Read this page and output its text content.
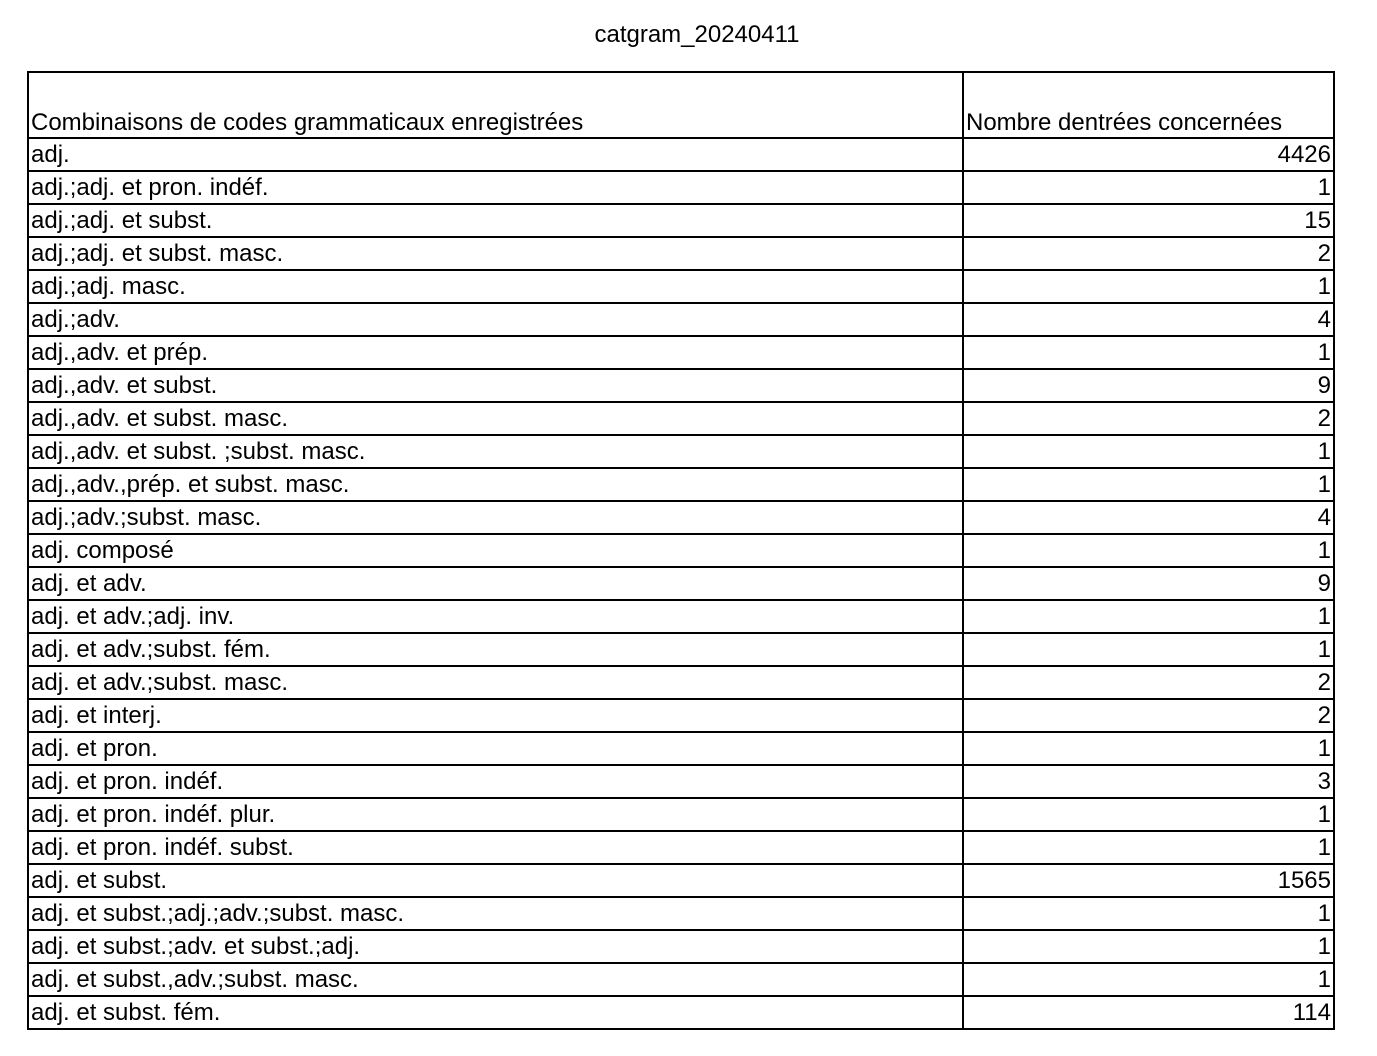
catgram_20240411
Combinaisons de codes grammaticaux enregistrées	Nombre dentrées concernées
adj.	4426
adj.;adj. et pron. indéf.	1
adj.;adj. et subst.	15
adj.;adj. et subst. masc.	2
adj.;adj. masc.	1
adj.;adv.	4
adj.,adv. et prép.	1
adj.,adv. et subst.	9
adj.,adv. et subst. masc.	2
adj.,adv. et subst. ;subst. masc.	1
adj.,adv.,prép. et subst. masc.	1
adj.;adv.;subst. masc.	4
adj. composé	1
adj. et adv.	9
adj. et adv.;adj. inv.	1
adj. et adv.;subst. fém.	1
adj. et adv.;subst. masc.	2
adj. et interj.	2
adj. et pron.	1
adj. et pron. indéf.	3
adj. et pron. indéf. plur.	1
adj. et pron. indéf. subst.	1
adj. et subst.	1565
adj. et subst.;adj.;adv.;subst. masc.	1
adj. et subst.;adv. et subst.;adj.	1
adj. et subst.,adv.;subst. masc.	1
adj. et subst. fém.	114
